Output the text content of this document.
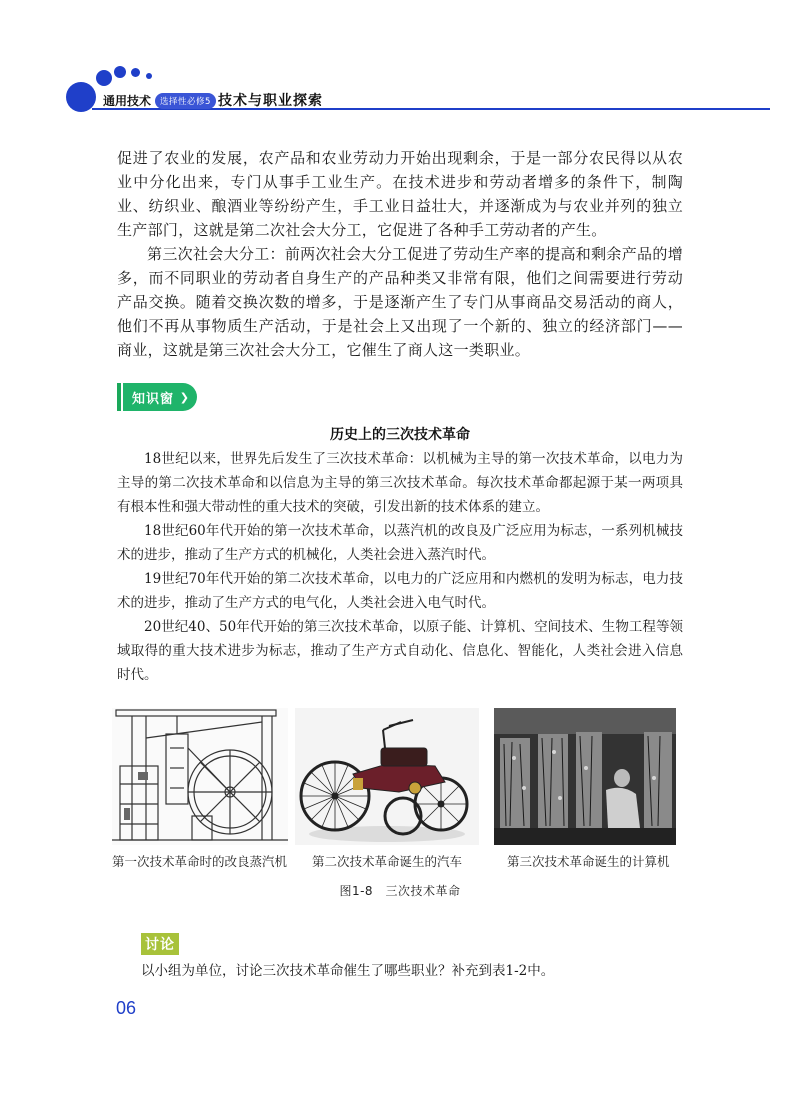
通用技术	选择性必修5 技术与职业探索

促进了农业的发展，农产品和农业劳动力开始出现剩余，于是一部分农民得以从农业中分化出来，专门从事手工业生产。在技术进步和劳动者增多的条件下，制陶业、纺织业、酿酒业等纷纷产生，手工业日益壮大，并逐渐成为与农业并列的独立生产部门，这就是第二次社会大分工，它促进了各种手工劳动者的产生。

第三次社会大分工：前两次社会大分工促进了劳动生产率的提高和剩余产品的增多，而不同职业的劳动者自身生产的产品种类又非常有限，他们之间需要进行劳动产品交换。随着交换次数的增多，于是逐渐产生了专门从事商品交易活动的商人，他们不再从事物质生产活动，于是社会上又出现了一个新的、独立的经济部门——商业，这就是第三次社会大分工，它催生了商人这一类职业。

知识窗 ❯
历史上的三次技术革命

18世纪以来，世界先后发生了三次技术革命：以机械为主导的第一次技术革命，以电力为主导的第二次技术革命和以信息为主导的第三次技术革命。每次技术革命都起源于某一两项具有根本性和强大带动性的重大技术的突破，引发出新的技术体系的建立。

18世纪60年代开始的第一次技术革命，以蒸汽机的改良及广泛应用为标志，一系列机械技术的进步，推动了生产方式的机械化，人类社会进入蒸汽时代。

19世纪70年代开始的第二次技术革命，以电力的广泛应用和内燃机的发明为标志，电力技术的进步，推动了生产方式的电气化，人类社会进入电气时代。

20世纪40、50年代开始的第三次技术革命，以原子能、计算机、空间技术、生物工程等领域取得的重大技术进步为标志，推动了生产方式自动化、信息化、智能化，人类社会进入信息时代。

第一次技术革命时的改良蒸汽机 第二次技术革命诞生的汽车	第三次技术革命诞生的计算机
图1-8　三次技术革命
讨论
以小组为单位，讨论三次技术革命催生了哪些职业？补充到表1-2中。
06
